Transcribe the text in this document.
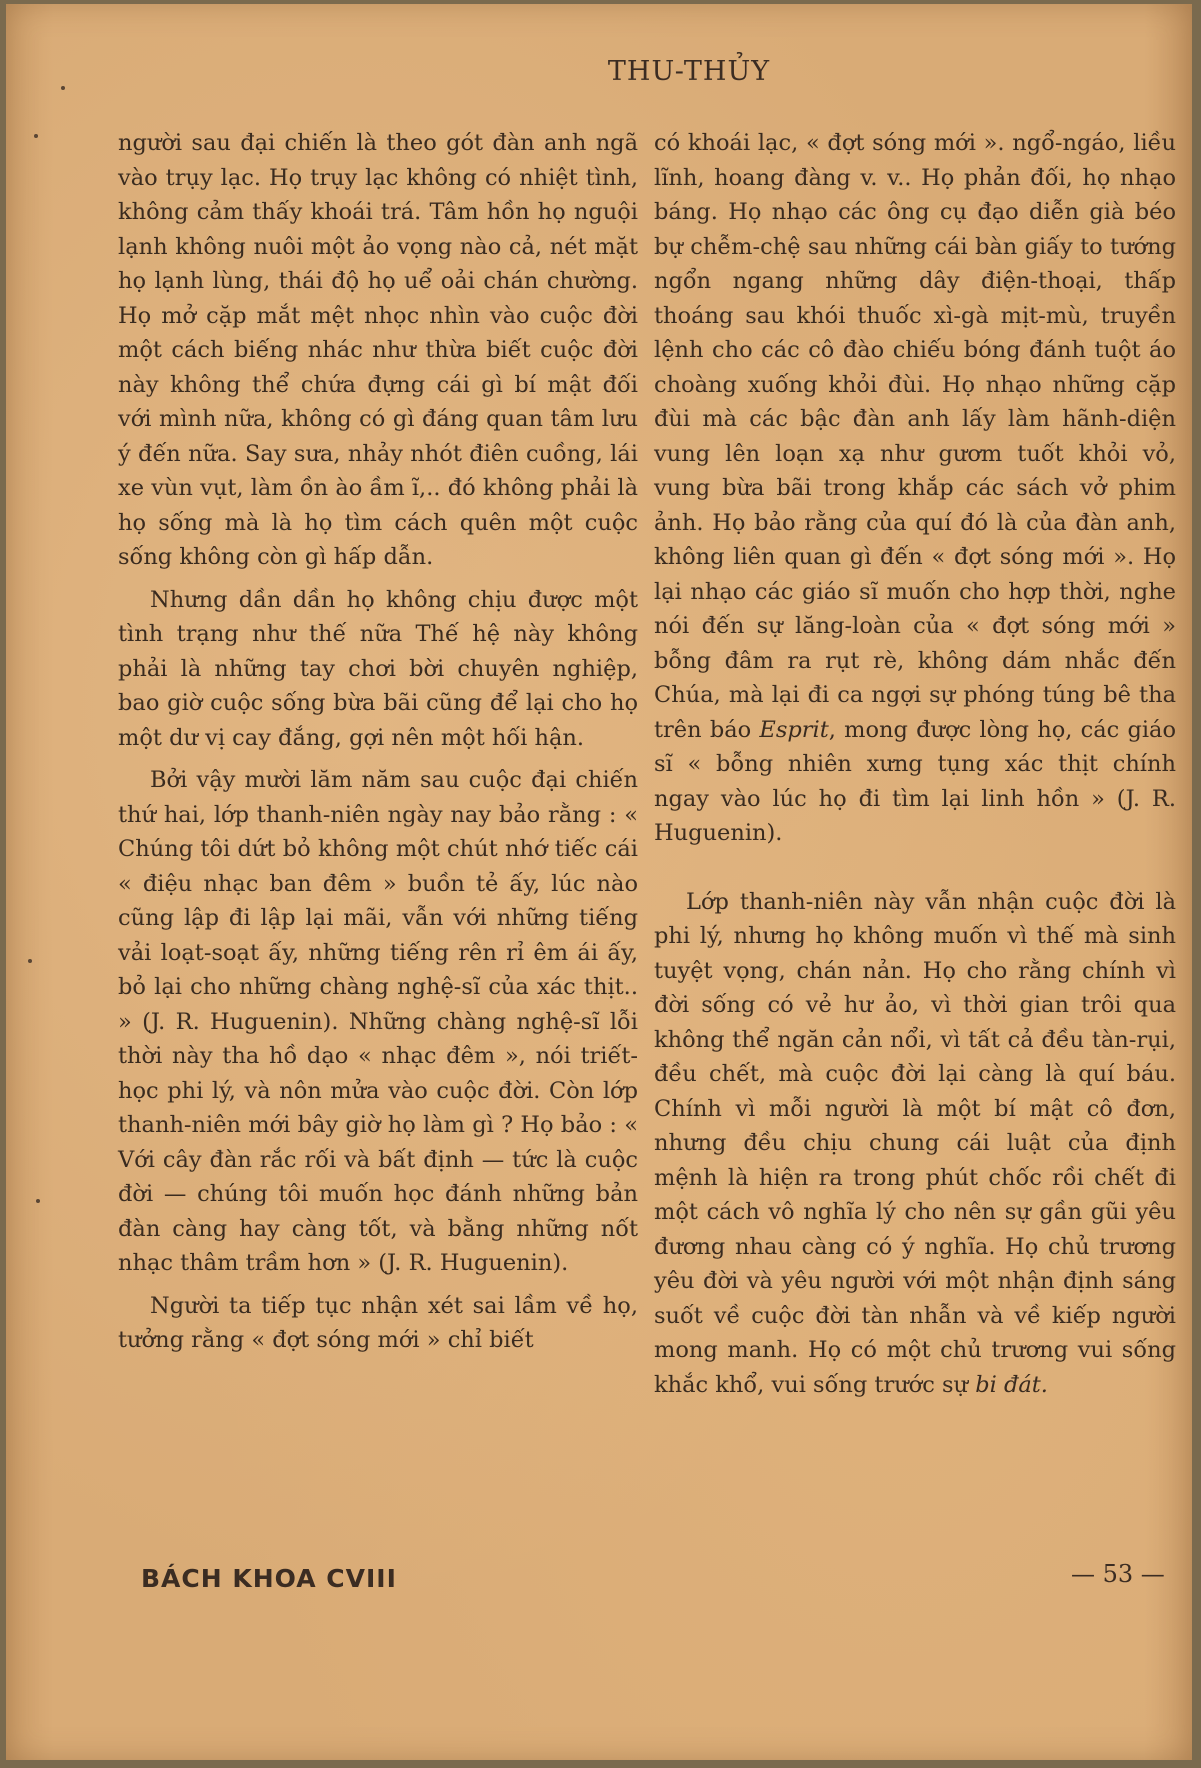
THU-THỦY

người sau đại chiến là theo gót đàn anh ngã vào trụy lạc. Họ trụy lạc không có nhiệt tình, không cảm thấy khoái trá. Tâm hồn họ nguội lạnh không nuôi một ảo vọng nào cả, nét mặt họ lạnh lùng, thái độ họ uể oải chán chường. Họ mở cặp mắt mệt nhọc nhìn vào cuộc đời một cách biếng nhác như thừa biết cuộc đời này không thể chứa đựng cái gì bí mật đối với mình nữa, không có gì đáng quan tâm lưu ý đến nữa. Say sưa, nhảy nhót điên cuồng, lái xe vùn vụt, làm ồn ào ầm ĩ,.. đó không phải là họ sống mà là họ tìm cách quên một cuộc sống không còn gì hấp dẫn.

Nhưng dần dần họ không chịu được một tình trạng như thế nữa Thế hệ này không phải là những tay chơi bời chuyên nghiệp, bao giờ cuộc sống bừa bãi cũng để lại cho họ một dư vị cay đắng, gợi nên một hối hận.

Bởi vậy mười lăm năm sau cuộc đại chiến thứ hai, lớp thanh-niên ngày nay bảo rằng : « Chúng tôi dứt bỏ không một chút nhớ tiếc cái « điệu nhạc ban đêm » buồn tẻ ấy, lúc nào cũng lập đi lập lại mãi, vẫn với những tiếng vải loạt-soạt ấy, những tiếng rên rỉ êm ái ấy, bỏ lại cho những chàng nghệ-sĩ của xác thịt.. » (J. R. Huguenin). Những chàng nghệ-sĩ lỗi thời này tha hồ dạo « nhạc đêm », nói triết-học phi lý, và nôn mửa vào cuộc đời. Còn lớp thanh-niên mới bây giờ họ làm gì ? Họ bảo : « Với cây đàn rắc rối và bất định — tức là cuộc đời — chúng tôi muốn học đánh những bản đàn càng hay càng tốt, và bằng những nốt nhạc thâm trầm hơn » (J. R. Huguenin).

Người ta tiếp tục nhận xét sai lầm về họ, tưởng rằng « đợt sóng mới » chỉ biết

có khoái lạc, « đợt sóng mới ». ngổ-ngáo, liều lĩnh, hoang đàng v. v.. Họ phản đối, họ nhạo báng. Họ nhạo các ông cụ đạo diễn già béo bự chễm-chệ sau những cái bàn giấy to tướng ngổn ngang những dây điện-thoại, thấp thoáng sau khói thuốc xì-gà mịt-mù, truyền lệnh cho các cô đào chiếu bóng đánh tuột áo choàng xuống khỏi đùi. Họ nhạo những cặp đùi mà các bậc đàn anh lấy làm hãnh-diện vung lên loạn xạ như gươm tuốt khỏi vỏ, vung bừa bãi trong khắp các sách vở phim ảnh. Họ bảo rằng của quí đó là của đàn anh, không liên quan gì đến « đợt sóng mới ». Họ lại nhạo các giáo sĩ muốn cho hợp thời, nghe nói đến sự lăng-loàn của « đợt sóng mới » bỗng đâm ra rụt rè, không dám nhắc đến Chúa, mà lại đi ca ngợi sự phóng túng bê tha trên báo Esprit, mong được lòng họ, các giáo sĩ « bỗng nhiên xưng tụng xác thịt chính ngay vào lúc họ đi tìm lại linh hồn » (J. R. Huguenin).

Lớp thanh-niên này vẫn nhận cuộc đời là phi lý, nhưng họ không muốn vì thế mà sinh tuyệt vọng, chán nản. Họ cho rằng chính vì đời sống có vẻ hư ảo, vì thời gian trôi qua không thể ngăn cản nổi, vì tất cả đều tàn-rụi, đều chết, mà cuộc đời lại càng là quí báu. Chính vì mỗi người là một bí mật cô đơn, nhưng đều chịu chung cái luật của định mệnh là hiện ra trong phút chốc rồi chết đi một cách vô nghĩa lý cho nên sự gần gũi yêu đương nhau càng có ý nghĩa. Họ chủ trương yêu đời và yêu người với một nhận định sáng suốt về cuộc đời tàn nhẫn và về kiếp người mong manh. Họ có một chủ trương vui sống khắc khổ, vui sống trước sự bi đát.

BÁCH KHOA CVIII	— 53 —
